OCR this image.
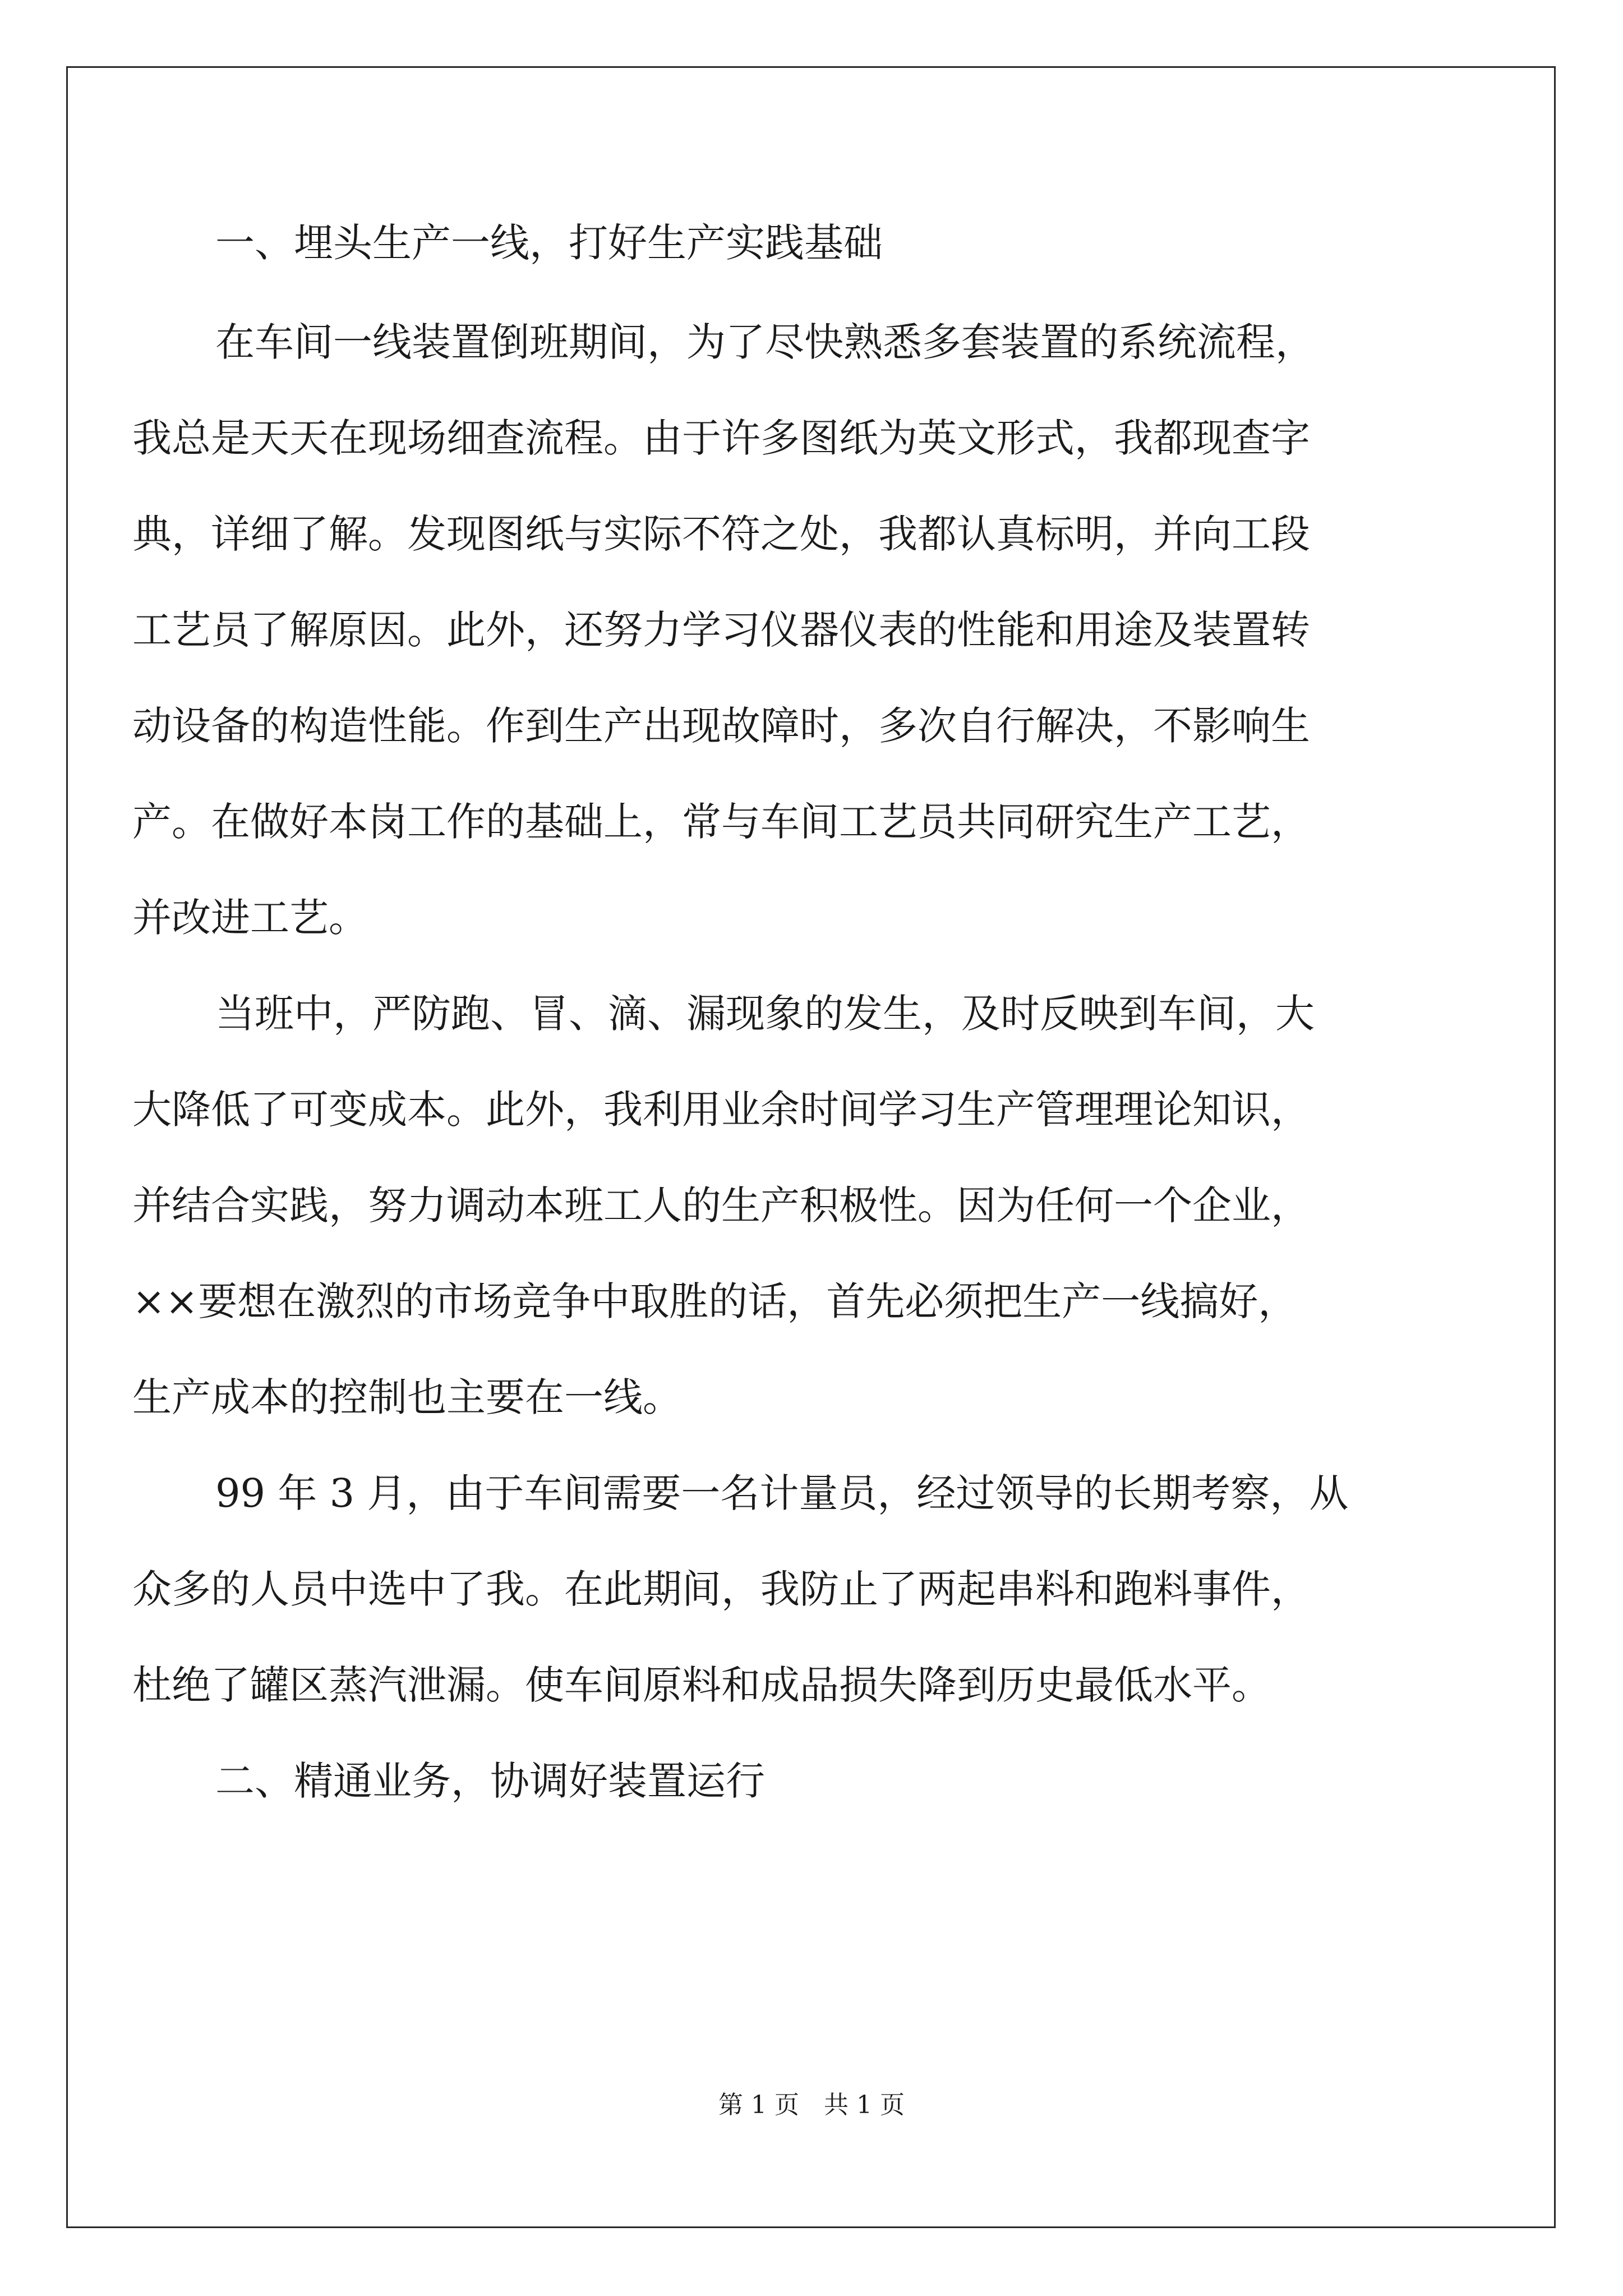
一、埋头生产一线，打好生产实践基础
在车间一线装置倒班期间，为了尽快熟悉多套装置的系统流程，
我总是天天在现场细查流程。由于许多图纸为英文形式，我都现查字
典，详细了解。发现图纸与实际不符之处，我都认真标明，并向工段
工艺员了解原因。此外，还努力学习仪器仪表的性能和用途及装置转
动设备的构造性能。作到生产出现故障时，多次自行解决，不影响生
产。在做好本岗工作的基础上，常与车间工艺员共同研究生产工艺，
并改进工艺。
当班中，严防跑、冒、滴、漏现象的发生，及时反映到车间，大
大降低了可变成本。此外，我利用业余时间学习生产管理理论知识，
并结合实践，努力调动本班工人的生产积极性。因为任何一个企业，
××要想在激烈的市场竞争中取胜的话，首先必须把生产一线搞好，
生产成本的控制也主要在一线。
99 年 3 月，由于车间需要一名计量员，经过领导的长期考察，从
众多的人员中选中了我。在此期间，我防止了两起串料和跑料事件，
杜绝了罐区蒸汽泄漏。使车间原料和成品损失降到历史最低水平。
二、精通业务，协调好装置运行
第 1 页　共 1 页
